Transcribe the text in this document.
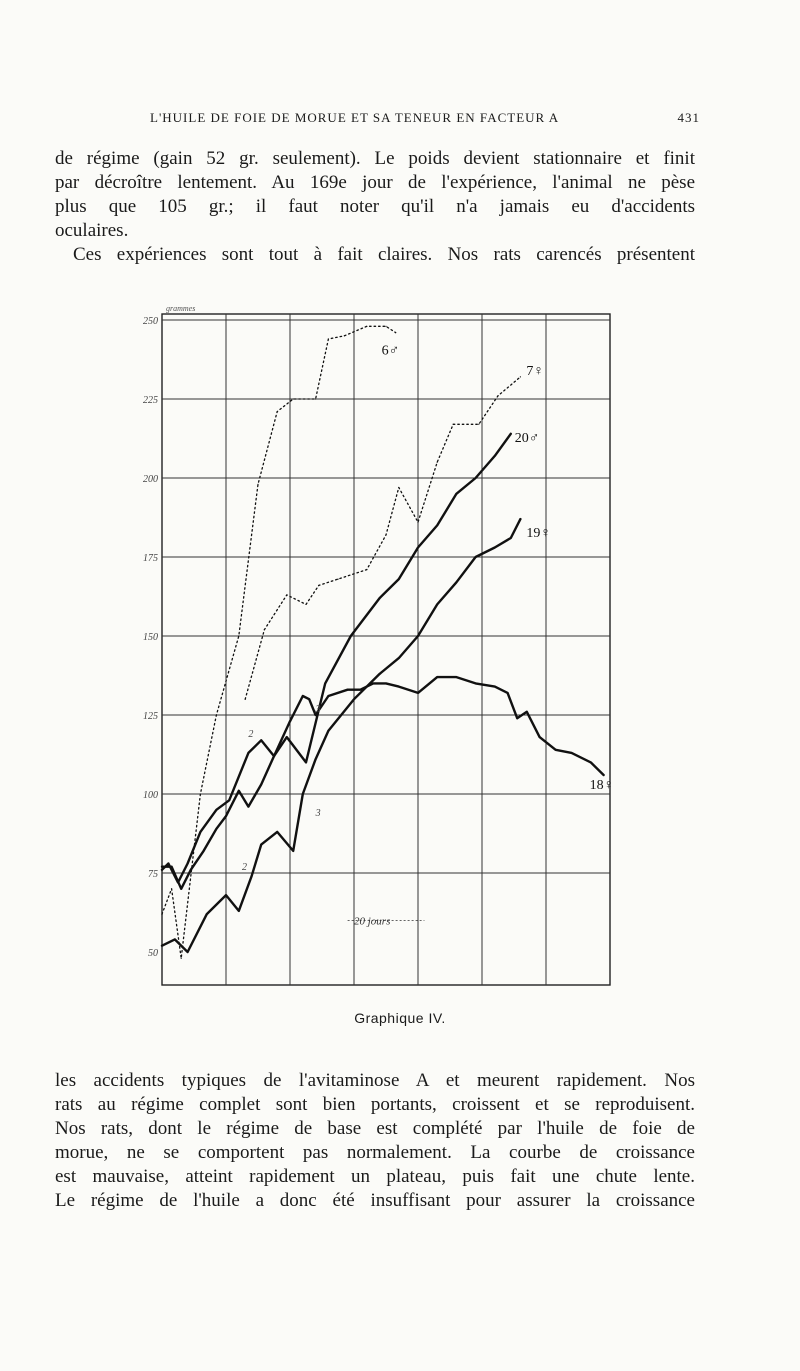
L'HUILE DE FOIE DE MORUE ET SA TENEUR EN FACTEUR A	431
de régime (gain 52 gr. seulement). Le poids devient stationnaire et finit
par décroître lentement. Au 169e jour de l'expérience, l'animal ne pèse
plus que 105 gr.; il faut noter qu'il n'a jamais eu d'accidents
oculaires.
Ces expériences sont tout à fait claires. Nos rats carencés présentent
50
75
100
125
150
175
200
225
250
grammes
6♂
7♀
20♂
19♀
18♀
2
3
2
3
20 jours
Graphique IV.
les accidents typiques de l'avitaminose A et meurent rapidement. Nos
rats au régime complet sont bien portants, croissent et se reproduisent.
Nos rats, dont le régime de base est complété par l'huile de foie de
morue, ne se comportent pas normalement. La courbe de croissance
est mauvaise, atteint rapidement un plateau, puis fait une chute lente.
Le régime de l'huile a donc été insuffisant pour assurer la croissance
